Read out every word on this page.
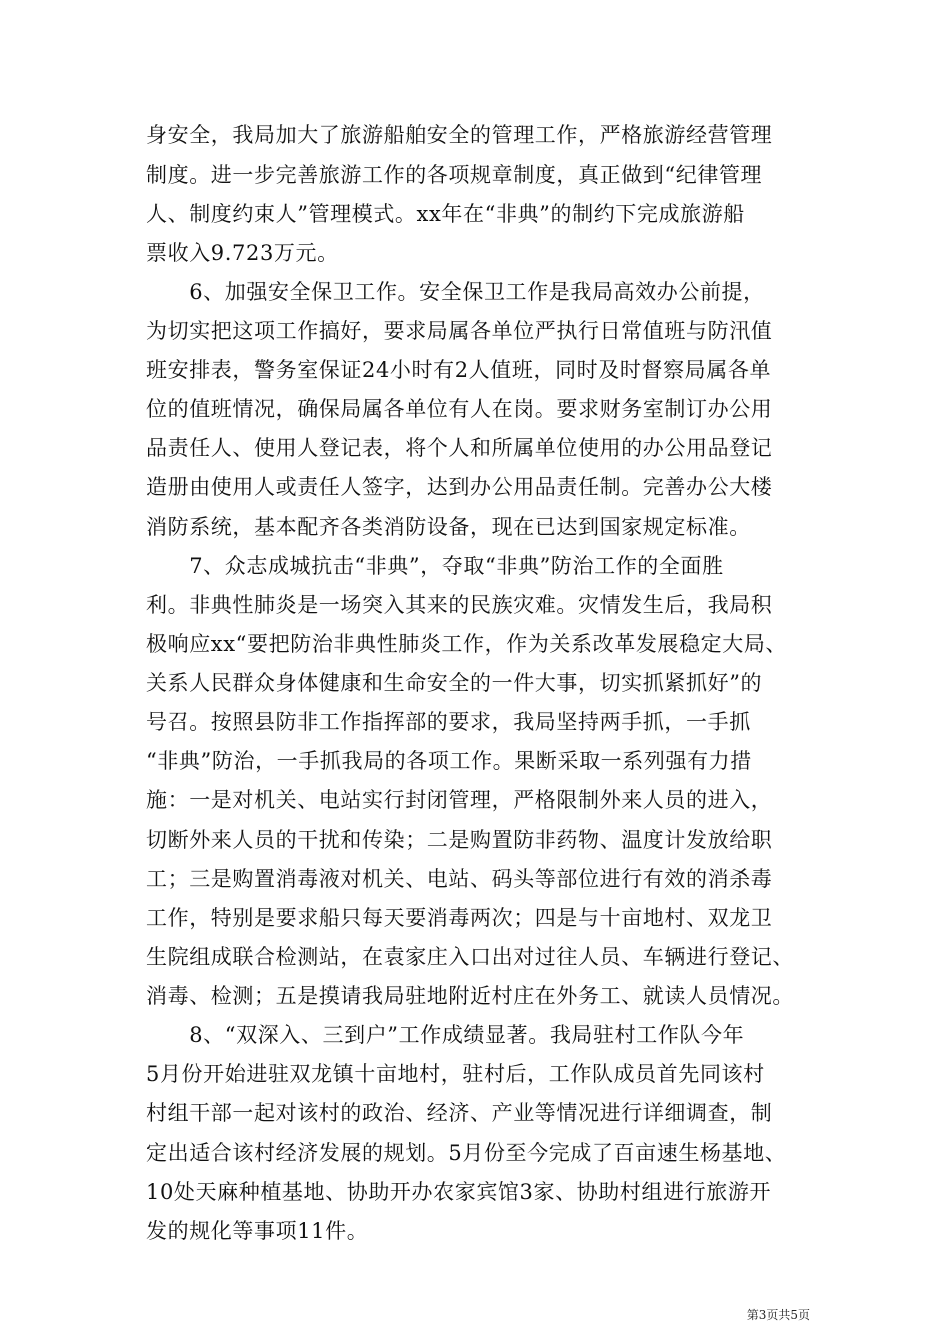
身安全，我局加大了旅游船舶安全的管理工作，严格旅游经营管理
制度。进一步完善旅游工作的各项规章制度，真正做到“纪律管理
人、制度约束人”管理模式。xx年在“非典”的制约下完成旅游船
票收入9.723万元。
　　6、加强安全保卫工作。安全保卫工作是我局高效办公前提，
为切实把这项工作搞好，要求局属各单位严执行日常值班与防汛值
班安排表，警务室保证24小时有2人值班，同时及时督察局属各单
位的值班情况，确保局属各单位有人在岗。要求财务室制订办公用
品责任人、使用人登记表，将个人和所属单位使用的办公用品登记
造册由使用人或责任人签字，达到办公用品责任制。完善办公大楼
消防系统，基本配齐各类消防设备，现在已达到国家规定标准。
　　7、众志成城抗击“非典”，夺取“非典”防治工作的全面胜
利。非典性肺炎是一场突入其来的民族灾难。灾情发生后，我局积
极响应xx“要把防治非典性肺炎工作，作为关系改革发展稳定大局、
关系人民群众身体健康和生命安全的一件大事，切实抓紧抓好”的
号召。按照县防非工作指挥部的要求，我局坚持两手抓，一手抓
“非典”防治，一手抓我局的各项工作。果断采取一系列强有力措
施：一是对机关、电站实行封闭管理，严格限制外来人员的进入，
切断外来人员的干扰和传染；二是购置防非药物、温度计发放给职
工；三是购置消毒液对机关、电站、码头等部位进行有效的消杀毒
工作，特别是要求船只每天要消毒两次；四是与十亩地村、双龙卫
生院组成联合检测站，在袁家庄入口出对过往人员、车辆进行登记、
消毒、检测；五是摸请我局驻地附近村庄在外务工、就读人员情况。
　　8、“双深入、三到户”工作成绩显著。我局驻村工作队今年
5月份开始进驻双龙镇十亩地村，驻村后，工作队成员首先同该村
村组干部一起对该村的政治、经济、产业等情况进行详细调查，制
定出适合该村经济发展的规划。5月份至今完成了百亩速生杨基地、
10处天麻种植基地、协助开办农家宾馆3家、协助村组进行旅游开
发的规化等事项11件。
第3页共5页
